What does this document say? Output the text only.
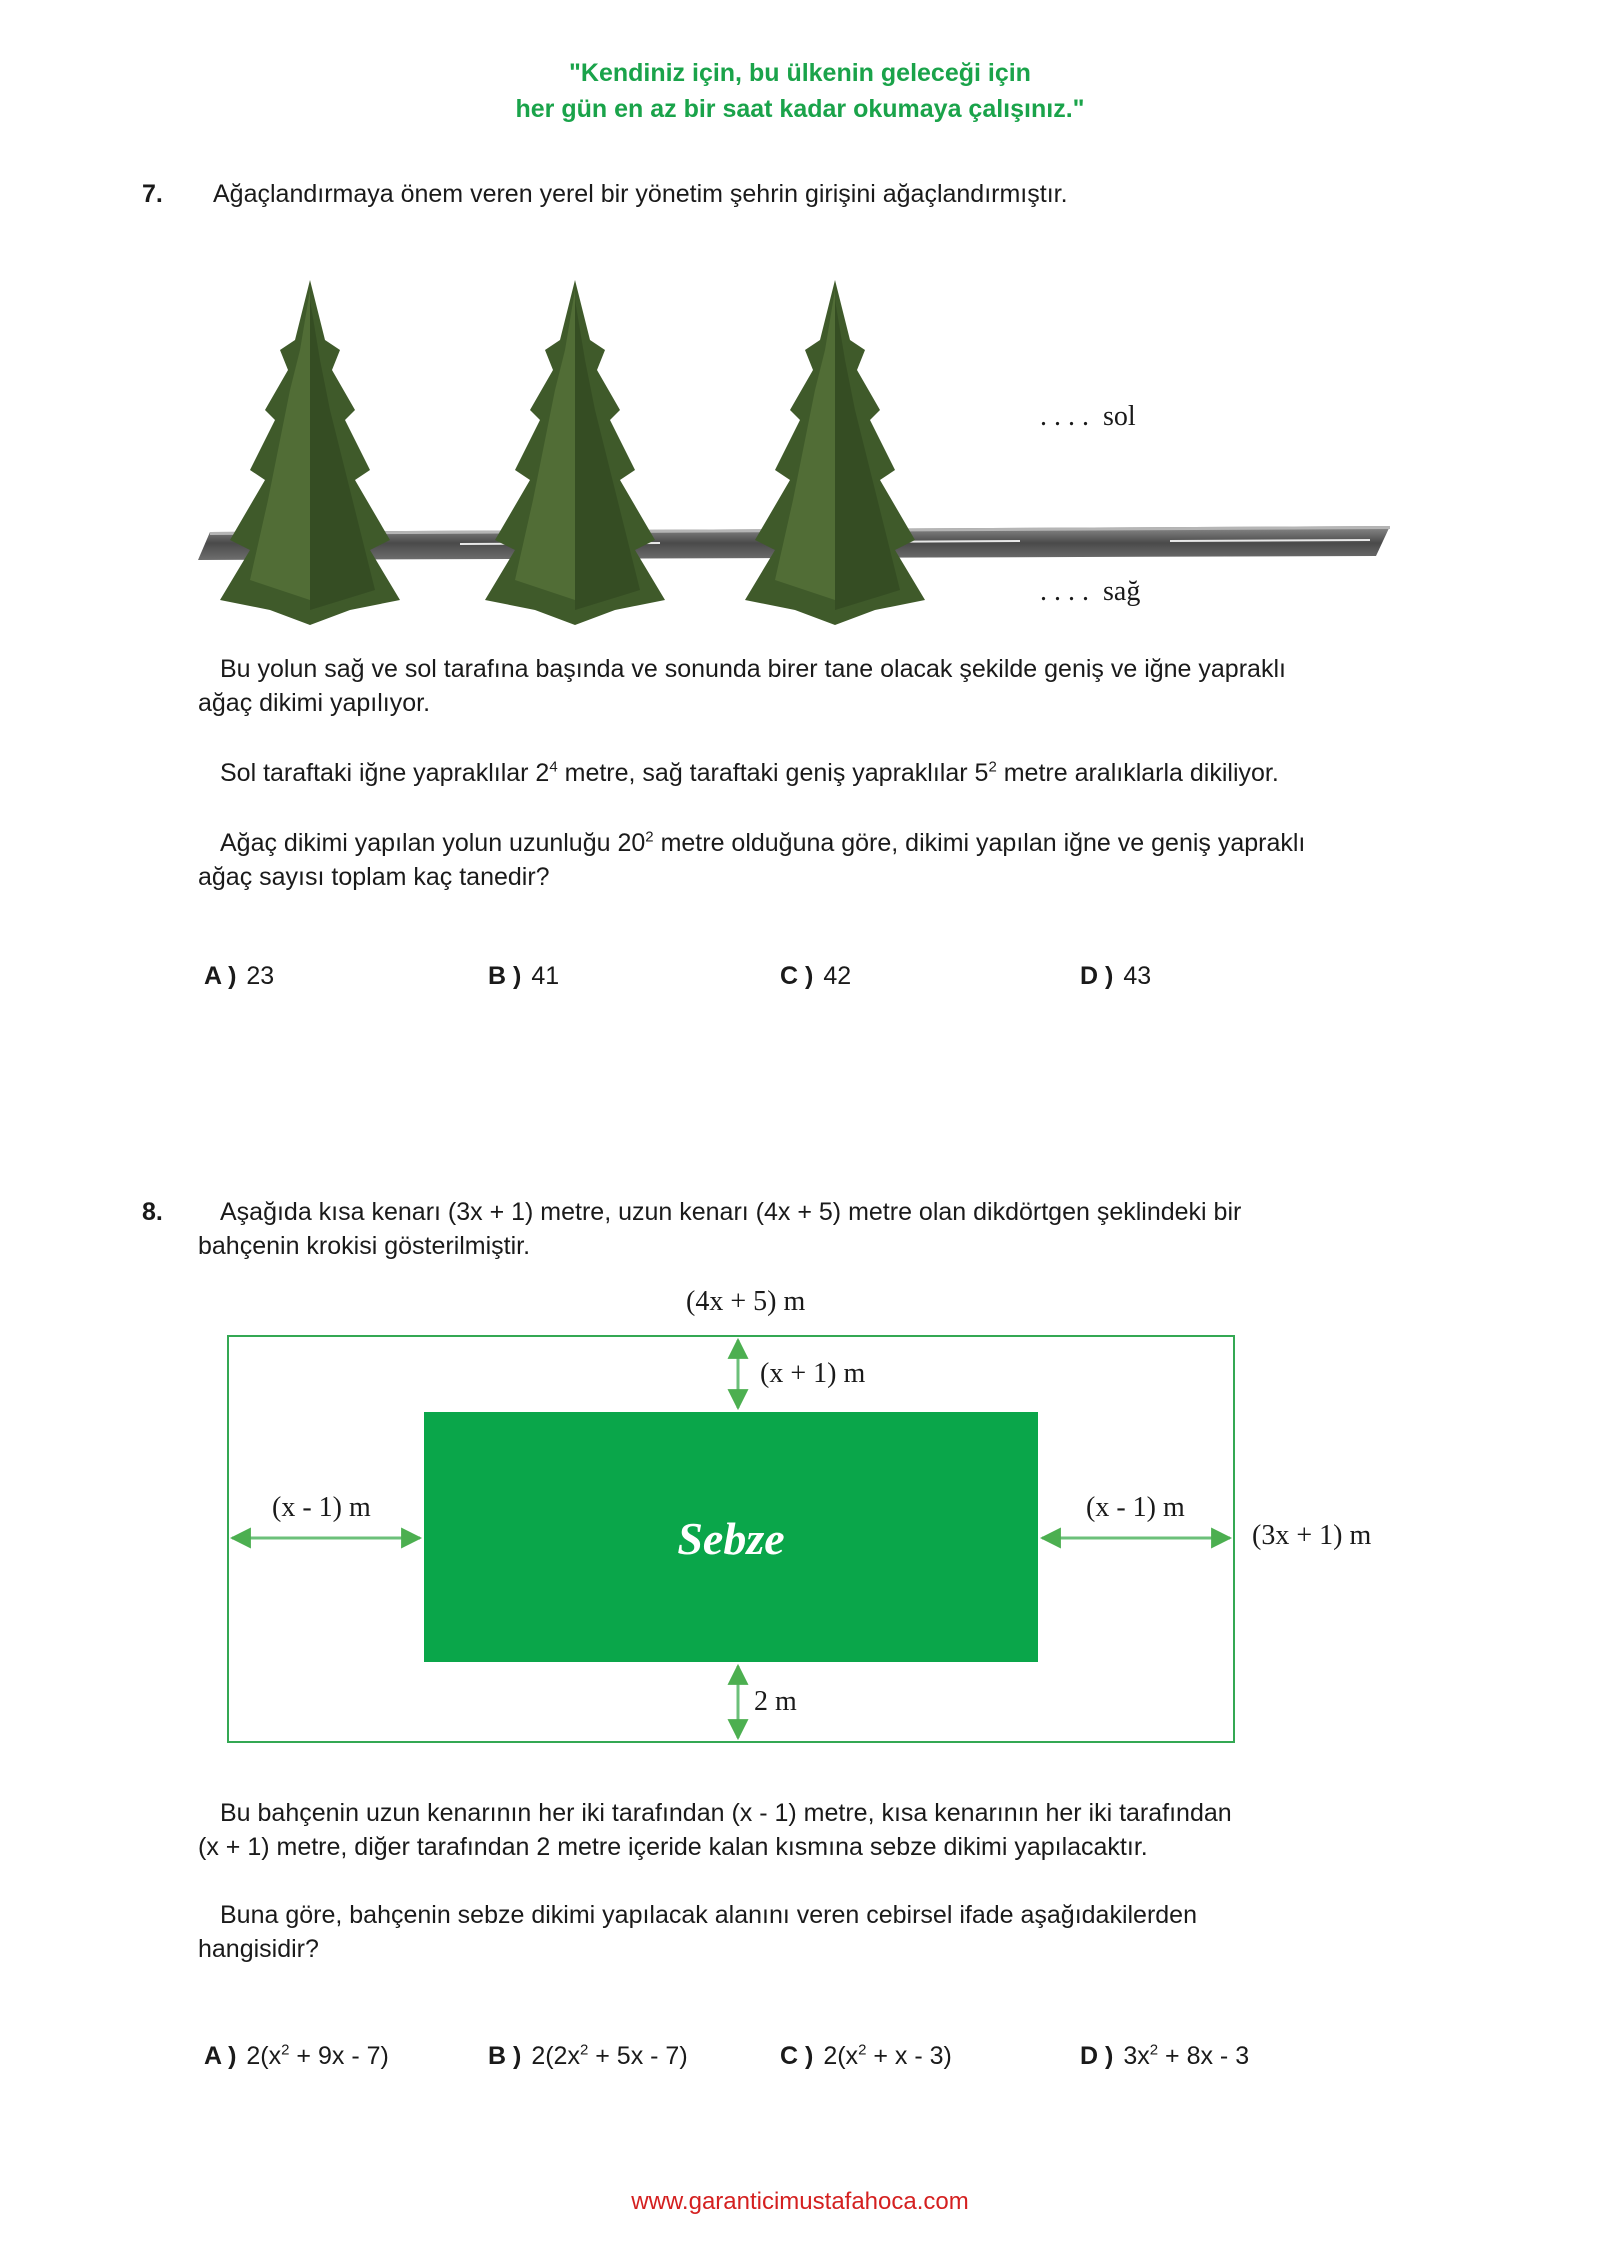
"Kendiniz için, bu ülkenin geleceği için
her gün en az bir saat kadar okumaya çalışınız."
7. Ağaçlandırmaya önem veren yerel bir yönetim şehrin girişini ağaçlandırmıştır.
. . . .  sol
. . . .  sağ
Bu yolun sağ ve sol tarafına başında ve sonunda birer tane olacak şekilde geniş ve iğne yapraklı
ağaç dikimi yapılıyor.
Sol taraftaki iğne yapraklılar $2^4$ metre, sağ taraftaki geniş yapraklılar $5^2$ metre aralıklarla dikiliyor.
Ağaç dikimi yapılan yolun uzunluğu $20^2$ metre olduğuna göre, dikimi yapılan iğne ve geniş yapraklı
ağaç sayısı toplam kaç tanedir?
A ) 23	B ) 41	C ) 42	D ) 43
8. Aşağıda kısa kenarı (3x + 1) metre, uzun kenarı (4x + 5) metre olan dikdörtgen şeklindeki bir
bahçenin krokisi gösterilmiştir.
(4x + 5) m
(x + 1) m
(x - 1) m	(x - 1) m
(3x + 1) m
2 m
Sebze
Bu bahçenin uzun kenarının her iki tarafından (x - 1) metre, kısa kenarının her iki tarafından
(x + 1) metre, diğer tarafından 2 metre içeride kalan kısmına sebze dikimi yapılacaktır.
Buna göre, bahçenin sebze dikimi yapılacak alanını veren cebirsel ifade aşağıdakilerden
hangisidir?
A ) $2(x^2 + 9x - 7)$	B ) $2(2x^2 + 5x - 7)$	C ) $2(x^2 + x - 3)$	D ) $3x^2 + 8x - 3$
www.garanticimustafahoca.com
